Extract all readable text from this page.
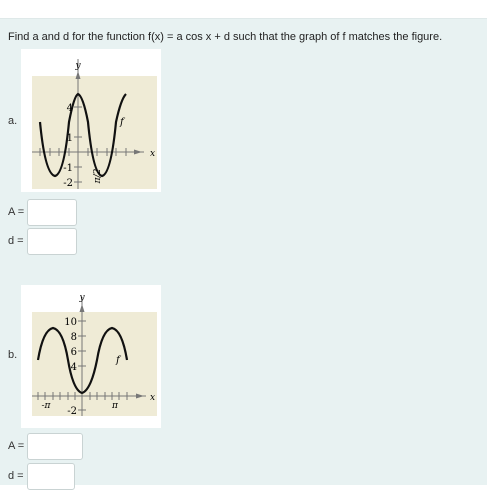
Find a and d for the function f(x) = a cos x + d such that the graph of f matches the figure.
a.
y
x
f
4
1
-1
-2
π/2
A =
d =
b.
y
x
f
10
8
6
4
-2
-π	π
A =
d =
